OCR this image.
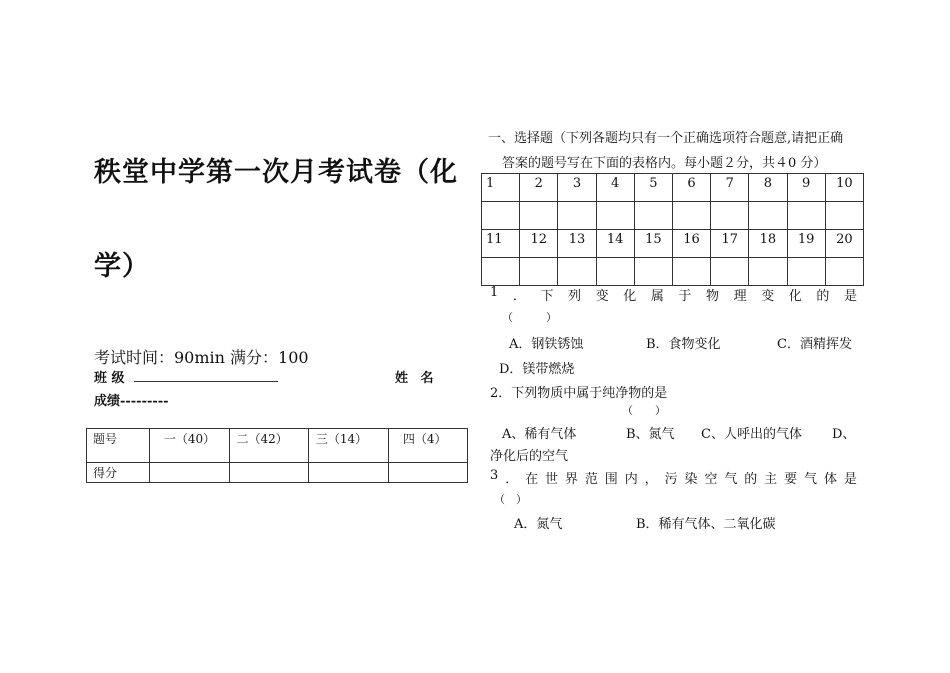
秩堂中学第一次月考试卷（化
学）
考试时间：90min 满分：100
班 级	姓 名
成绩---------
题号	一（40）	二（42）	三（14）	四（4）

得分				
一、选择题（下列各题均只有一个正确选项符合题意,请把正确
答案的题号写在下面的表格内。每小题２分，共４0 分）
1	2	3	4	5	6	7	8	9	10

11	12	13	14	15	16	17	18	19	20

1 ． 下 列 变 化 属 于 物 理 变 化 的 是
（　　　）
A．钢铁锈蚀	B．食物变化	C．酒精挥发
D．镁带燃烧
2．下列物质中属于纯净物的是
（　　）
A、稀有气体	B、氮气 C、人呼出的气体 D、
净化后的空气
3 ． 在 世 界 范 围 内 ， 污 染 空 气 的 主 要 气 体 是
（　）
A．氮气	B．稀有气体、二氧化碳
